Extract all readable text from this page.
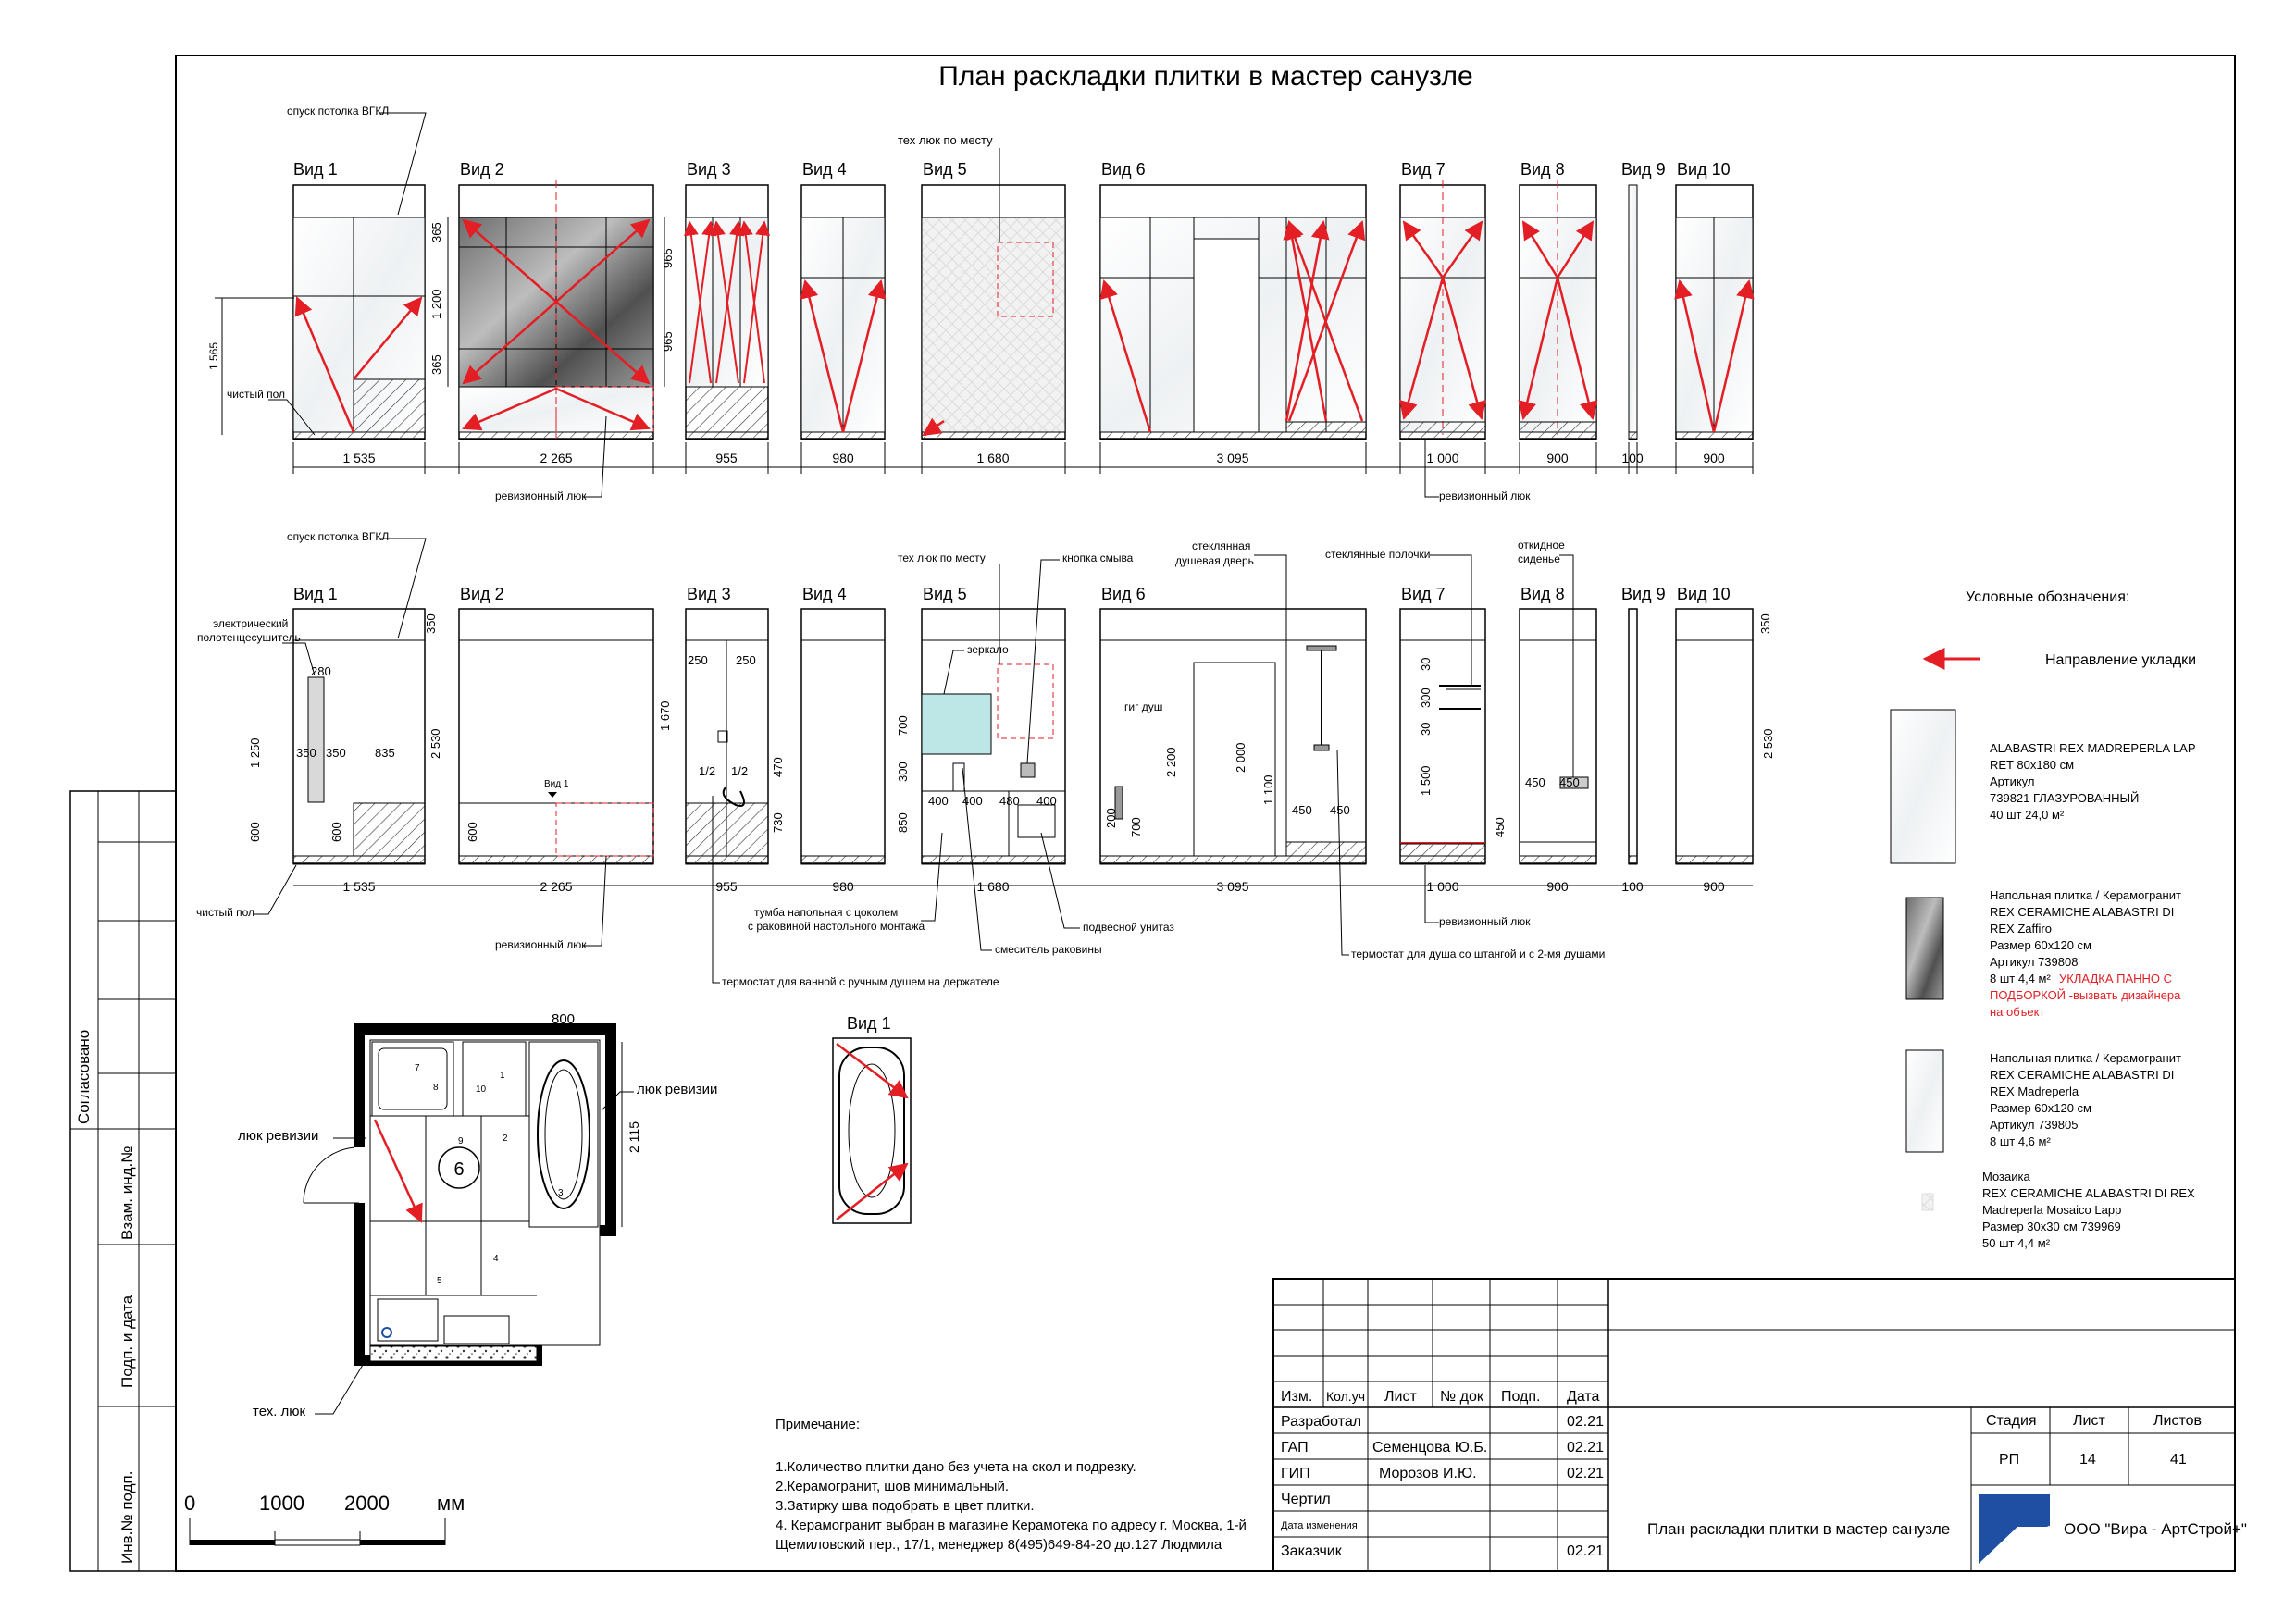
План раскладки плитки в мастер санузле
Вид 1	Вид 2	Вид 3	Вид 4	Вид 5	Вид 6	Вид 7	Вид 8	Вид 9 Вид 10
365
1 200
365
965
965
тех люк по месту
1 535	2 265	955	980	1 680	3 095	1 000	900	100	900
опуск потолка ВГКЛ
чистый пол
ревизионный люк	ревизионный люк
1 565
Вид 1	Вид 2	Вид 3	Вид 4	Вид 5	Вид 6	Вид 7	Вид 8	Вид 9 Вид 10
Вид 1
1 535	2 265	955	980	1 680	3 095	1 000	900	100	900
350
2 530
1 250
600
280
350 350 835
600	600
1 670
250 250
1/2 1/2 470
730
700
300
850
400 400 480 400
2 200
200 700
2 000
1 100
450 450
30
300
30
1 500	450 450
450
350
2 530
опуск потолка ВГКЛ
электрический
полотенцесушитель
чистый пол
ревизионный люк
ревизионный люк
тех люк по месту	кнопка смыва
зеркало
стеклянная
душевая дверь	стеклянные полочки
откидное
сиденье
гиг душ
тумба напольная с цоколем
с раковиной настольного монтажа
смеситель раковины
подвесной унитаз
термостат для ванной с ручным душем на держателе
термостат для душа со штангой и с 2-мя душами
6
7
8	10
1
2
9
3
4
5
800
2 115
люк ревизии
люк ревизии
тех. люк
Вид 1
0	1000 2000 мм
Примечание:
1.Количество плитки дано без учета на скол и подрезку.
2.Керамогранит, шов минимальный.
3.Затирку шва подобрать в цвет плитки.
4. Керамогранит выбран в магазине Керамотека по адресу г. Москва, 1-й
Щемиловский пер., 17/1, менеджер 8(495)649-84-20 до.127 Людмила
Условные обозначения:
Направление укладки
ALABASTRI REX MADREPERLA LAP
RET 80х180 см
Артикул
739821 ГЛАЗУРОВАННЫЙ
40 шт 24,0 м²
Напольная плитка / Керамогранит
REX CERAMICHE ALABASTRI DI
REX Zaffiro
Размер 60x120 см
Артикул 739808
8 шт 4,4 м² УКЛАДКА ПАННО С
ПОДБОРКОЙ -вызвать дизайнера
на объект
Напольная плитка / Керамогранит
REX CERAMICHE ALABASTRI DI
REX Madreperla
Размер 60x120 см
Артикул 739805
8 шт 4,6 м²
Мозаика
REX CERAMICHE ALABASTRI DI REX
Madreperla Mosaico Lapp
Размер 30х30 см 739969
50 шт 4,4 м²
Согласовано
Взам. инд.№
Подп. и дата
Инв.№ подп.
Изм. Кол.уч Лист № док Подп. Дата
Разработал	02.21
ГАП	Семенцова Ю.Б.	02.21
ГИП	Морозов И.Ю.	02.21
Чертил
Дата изменения
Заказчик	02.21
Стадия Лист	Листов
РП	14	41
План раскладки плитки в мастер санузле	ООО "Вира - АртСтрой+"
